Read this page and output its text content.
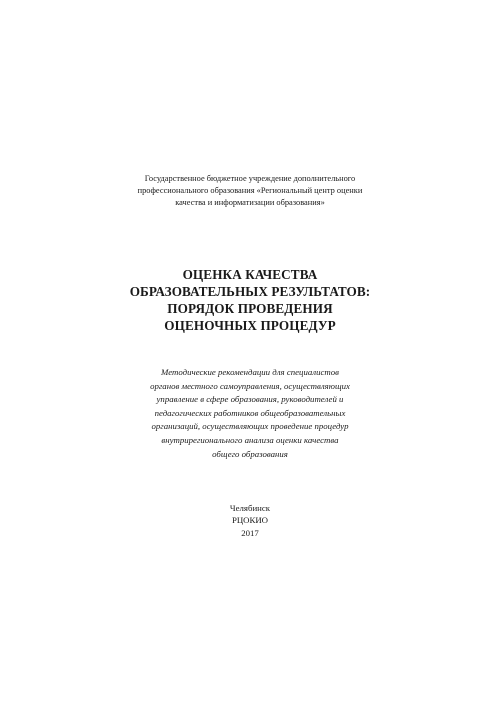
Государственное бюджетное учреждение дополнительного
профессионального образования «Региональный центр оценки
качества и информатизации образования»
ОЦЕНКА КАЧЕСТВА
ОБРАЗОВАТЕЛЬНЫХ РЕЗУЛЬТАТОВ:
ПОРЯДОК ПРОВЕДЕНИЯ
ОЦЕНОЧНЫХ ПРОЦЕДУР
Методические рекомендации для специалистов
органов местного самоуправления, осуществляющих
управление в сфере образования, руководителей и
педагогических работников общеобразовательных
организаций, осуществляющих проведение процедур
внутрирегионального анализа оценки качества
общего образования
Челябинск
РЦОКИО
2017
